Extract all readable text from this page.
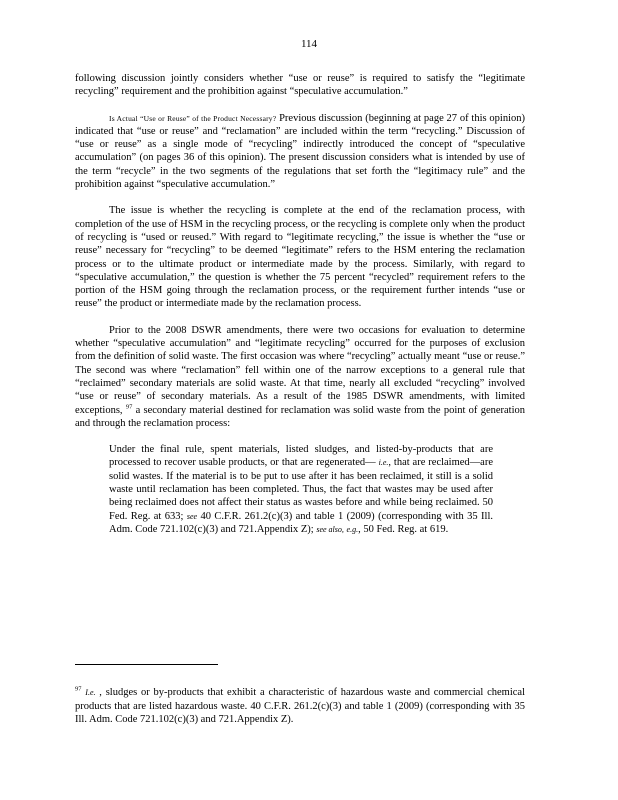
114

following discussion jointly considers whether “use or reuse” is required to satisfy the “legitimate recycling” requirement and the prohibition against “speculative accumulation.”

Is Actual “Use or Reuse” of the Product Necessary? Previous discussion (beginning at page 27 of this opinion) indicated that “use or reuse” and “reclamation” are included within the term “recycling.” Discussion of “use or reuse” as a single mode of “recycling” indirectly introduced the concept of “speculative accumulation” (on pages 36 of this opinion). The present discussion considers what is intended by use of the term “recycle” in the two segments of the regulations that set forth the “legitimacy rule” and the prohibition against “speculative accumulation.”

The issue is whether the recycling is complete at the end of the reclamation process, with completion of the use of HSM in the recycling process, or the recycling is complete only when the product of recycling is “used or reused.” With regard to “legitimate recycling,” the issue is whether the “use or reuse” necessary for “recycling” to be deemed “legitimate” refers to the HSM entering the reclamation process or to the ultimate product or intermediate made by the process. Similarly, with regard to “speculative accumulation,” the question is whether the 75 percent “recycled” requirement refers to the portion of the HSM going through the reclamation process, or the requirement further intends “use or reuse” the product or intermediate made by the reclamation process.

Prior to the 2008 DSWR amendments, there were two occasions for evaluation to determine whether “speculative accumulation” and “legitimate recycling” occurred for the purposes of exclusion from the definition of solid waste. The first occasion was where “recycling” actually meant “use or reuse.” The second was where “reclamation” fell within one of the narrow exceptions to a general rule that “reclaimed” secondary materials are solid waste. At that time, nearly all excluded “recycling” involved “use or reuse” of secondary materials. As a result of the 1985 DSWR amendments, with limited exceptions, $^{97}$ a secondary material destined for reclamation was solid waste from the point of generation and through the reclamation process:

Under the final rule, spent materials, listed sludges, and listed-by-products that are processed to recover usable products, or that are regenerated— i.e., that are reclaimed—are solid wastes. If the material is to be put to use after it has been reclaimed, it still is a solid waste until reclamation has been completed. Thus, the fact that wastes may be used after being reclaimed does not affect their status as wastes before and while being reclaimed. 50 Fed. Reg. at 633; see 40 C.F.R. 261.2(c)(3) and table 1 (2009) (corresponding with 35 Ill. Adm. Code 721.102(c)(3) and 721.Appendix Z); see also, e.g., 50 Fed. Reg. at 619.

$^{97}$ I.e. , sludges or by-products that exhibit a characteristic of hazardous waste and commercial chemical products that are listed hazardous waste. 40 C.F.R. 261.2(c)(3) and table 1 (2009) (corresponding with 35 Ill. Adm. Code 721.102(c)(3) and 721.Appendix Z).
